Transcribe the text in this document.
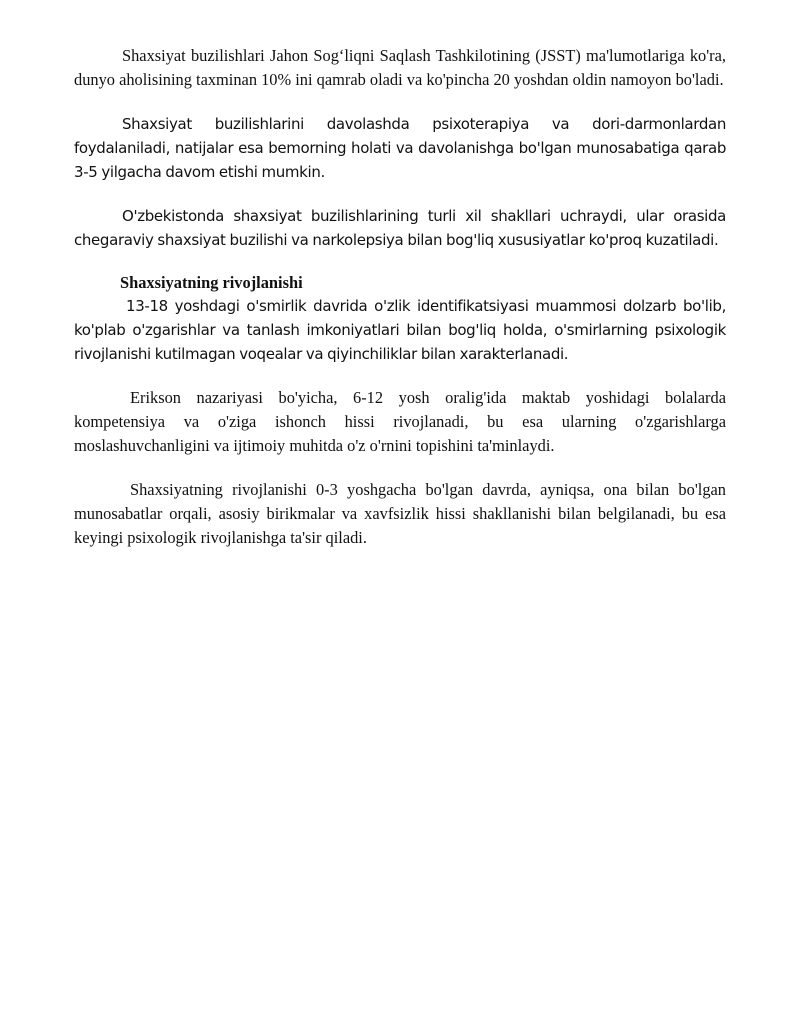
Shaxsiyat buzilishlari Jahon Sog‘liqni Saqlash Tashkilotining (JSST) ma'lumotlariga ko'ra, dunyo aholisining taxminan 10% ini qamrab oladi va ko'pincha 20 yoshdan oldin namoyon bo'ladi.

Shaxsiyat buzilishlarini davolashda psixoterapiya va dori-darmonlardan foydalaniladi, natijalar esa bemorning holati va davolanishga bo'lgan munosabatiga qarab 3-5 yilgacha davom etishi mumkin.

O'zbekistonda shaxsiyat buzilishlarining turli xil shakllari uchraydi, ular orasida chegaraviy shaxsiyat buzilishi va narkolepsiya bilan bog'liq xususiyatlar ko'proq kuzatiladi.

Shaxsiyatning rivojlanishi

13-18 yoshdagi o'smirlik davrida o'zlik identifikatsiyasi muammosi dolzarb bo'lib, ko'plab o'zgarishlar va tanlash imkoniyatlari bilan bog'liq holda, o'smirlarning psixologik rivojlanishi kutilmagan voqealar va qiyinchiliklar bilan xarakterlanadi.

Erikson nazariyasi bo'yicha, 6-12 yosh oralig'ida maktab yoshidagi bolalarda kompetensiya va o'ziga ishonch hissi rivojlanadi, bu esa ularning o'zgarishlarga moslashuvchanligini va ijtimoiy muhitda o'z o'rnini topishini ta'minlaydi.

Shaxsiyatning rivojlanishi 0-3 yoshgacha bo'lgan davrda, ayniqsa, ona bilan bo'lgan munosabatlar orqali, asosiy birikmalar va xavfsizlik hissi shakllanishi bilan belgilanadi, bu esa keyingi psixologik rivojlanishga ta'sir qiladi.
